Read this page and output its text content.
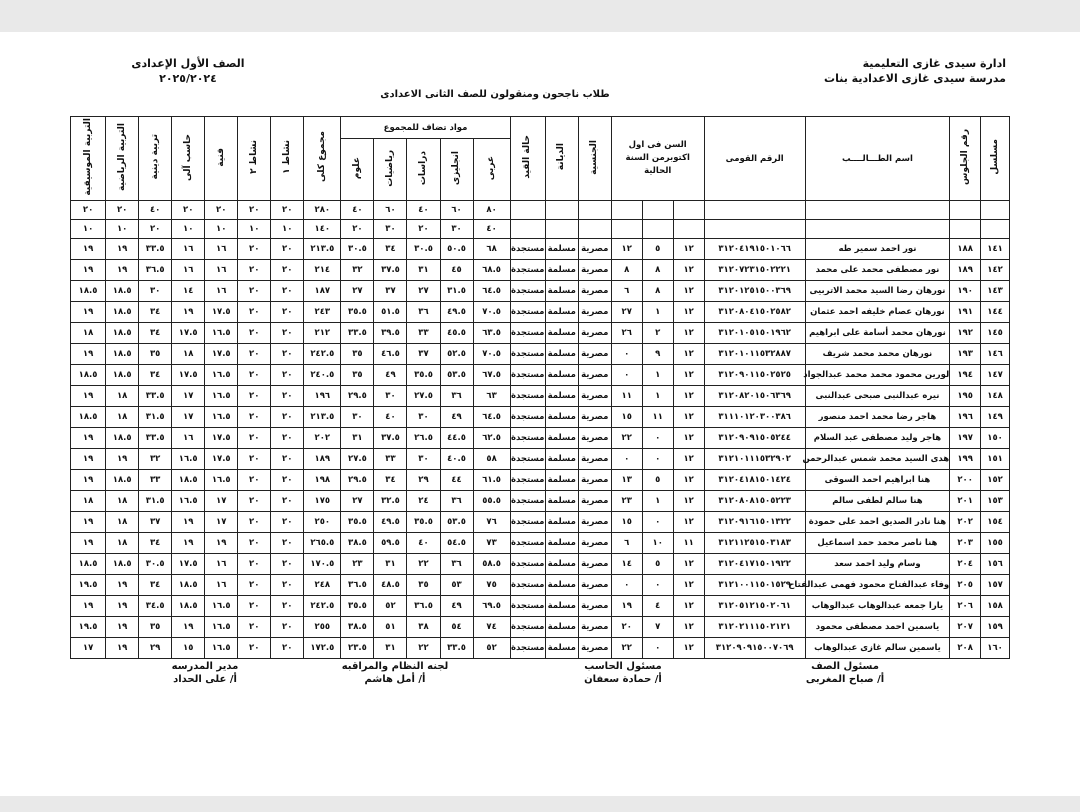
ادارة سيدى غازى التعليمية
مدرسة سيدى غازى الاعدادية بنات
الصف الأول الإعدادى
٢٠٢٥/٢٠٢٤
طلاب ناجحون ومنقولون للصف الثانى الاعدادى
مسلسل	رقم الجلوس	اسم الطـــالــــب	الرقم القومى	السن فى اول اكتوبرمن السنة الحالية			الجنسية	الديانة	حالة القيد	مواد تضاف للمجموع					مجموع كلى	نشاط ١	نشاط ٢	فنية	حاسب آلى	تربية دينية	التربية الرياضية	التربية الموسيقية
										عربى	انجليزى	دراسات	رياضيات	علوم								
										٨٠	٦٠	٤٠	٦٠	٤٠	٢٨٠	٢٠	٢٠	٢٠	٢٠	٤٠	٢٠	٢٠
										٤٠	٣٠	٢٠	٣٠	٢٠	١٤٠	١٠	١٠	١٠	١٠	٢٠	١٠	١٠
١٤١	١٨٨	نور احمد سمير طه	٣١٢٠٤١٩١٥٠١٠٦٦	١٢	٥	١٢	مصرية	مسلمة	مستجدة	٦٨	٥٠.٥	٣٠.٥	٣٤	٣٠.٥	٢١٣.٥	٢٠	٢٠	١٦	١٦	٣٣.٥	١٩	١٩
١٤٢	١٨٩	نور مصطفى محمد على محمد	٣١٢٠٧٢٣١٥٠٢٢٢١	١٢	٨	٨	مصرية	مسلمة	مستجدة	٦٨.٥	٤٥	٣١	٣٧.٥	٣٢	٢١٤	٢٠	٢٠	١٦	١٦	٣٦.٥	١٩	١٩
١٤٣	١٩٠	نورهان رضا السيد محمد الاتربيى	٣١٢٠١٢٥١٥٠٠٣٦٩	١٢	٨	٦	مصرية	مسلمة	مستجدة	٦٤.٥	٣١.٥	٢٧	٣٧	٢٧	١٨٧	٢٠	٢٠	١٦	١٤	٣٠	١٨.٥	١٨.٥
١٤٤	١٩١	نورهان عصام خليفه احمد عثمان	٣١٢٠٨٠٤١٥٠٢٥٨٢	١٢	١	٢٧	مصرية	مسلمة	مستجدة	٧٠.٥	٤٩.٥	٣٦	٥١.٥	٣٥.٥	٢٤٣	٢٠	٢٠	١٧.٥	١٩	٣٤	١٨.٥	١٩
١٤٥	١٩٢	نورهان محمد أسامة على ابراهيم	٣١٢٠١٠٥١٥٠١٩٦٢	١٢	٢	٢٦	مصرية	مسلمة	مستجدة	٦٣.٥	٤٥.٥	٣٣	٣٩.٥	٣٣.٥	٢١٢	٢٠	٢٠	١٦.٥	١٧.٥	٣٤	١٨.٥	١٨
١٤٦	١٩٣	نورهان محمد محمد شريف	٣١٢٠١٠١١٥٣٢٨٨٧	١٢	٩	٠	مصرية	مسلمة	مستجدة	٧٠.٥	٥٢.٥	٣٧	٤٦.٥	٣٥	٢٤٢.٥	٢٠	٢٠	١٧.٥	١٨	٣٥	١٨.٥	١٩
١٤٧	١٩٤	لورين محمود محمد محمد عبدالجواد	٣١٢٠٩٠١١٥٠٢٥٢٥	١٢	١	٠	مصرية	مسلمة	مستجدة	٦٧.٥	٥٣.٥	٣٥.٥	٤٩	٣٥	٢٤٠.٥	٢٠	٢٠	١٦.٥	١٧.٥	٣٤	١٨.٥	١٨.٥
١٤٨	١٩٥	نيره عبدالنبى صبحى عبدالنبى	٣١٢٠٨٢٠١٥٠٦٣٦٩	١٢	١	١١	مصرية	مسلمة	مستجدة	٦٣	٣٦	٢٧.٥	٣٠	٢٩.٥	١٩٦	٢٠	٢٠	١٦.٥	١٧	٣٣.٥	١٨	١٩
١٤٩	١٩٦	هاجر رضا محمد احمد منصور	٣١١١٠١٢٠٣٠٠٣٨٦	١٢	١١	١٥	مصرية	مسلمة	مستجدة	٦٤.٥	٤٩	٣٠	٤٠	٣٠	٢١٣.٥	٢٠	٢٠	١٦.٥	١٧	٣١.٥	١٨	١٨.٥
١٥٠	١٩٧	هاجر وليد مصطفى عبد السلام	٣١٢٠٩٠٩١٥٠٥٢٤٤	١٢	٠	٢٢	مصرية	مسلمة	مستجدة	٦٢.٥	٤٤.٥	٢٦.٥	٣٧.٥	٣١	٢٠٢	٢٠	٢٠	١٧.٥	١٦	٣٣.٥	١٨.٥	١٩
١٥١	١٩٩	هدى السيد محمد شمس عبدالرحمن	٣١٢١٠١١١٥٣٢٩٠٢	١٢	٠	٠	مصرية	مسلمة	مستجدة	٥٨	٤٠.٥	٣٠	٣٣	٢٧.٥	١٨٩	٢٠	٢٠	١٧.٥	١٦.٥	٣٢	١٩	١٩
١٥٢	٢٠٠	هنا ابراهيم احمد السوقى	٣١٢٠٤١٨١٥٠١٤٢٤	١٢	٥	١٣	مصرية	مسلمة	مستجدة	٦١.٥	٤٤	٢٩	٣٤	٢٩.٥	١٩٨	٢٠	٢٠	١٦.٥	١٨.٥	٣٣	١٨.٥	١٩
١٥٣	٢٠١	هنا سالم لطفى سالم	٣١٢٠٨٠٨١٥٠٥٢٢٣	١٢	١	٢٣	مصرية	مسلمة	مستجدة	٥٥.٥	٣٦	٢٤	٣٢.٥	٢٧	١٧٥	٢٠	٢٠	١٧	١٦.٥	٣١.٥	١٨	١٨
١٥٤	٢٠٢	هنا نادر الصديق احمد على حمودة	٣١٢٠٩١٦١٥٠١٣٢٢	١٢	٠	١٥	مصرية	مسلمة	مستجدة	٧٦	٥٣.٥	٣٥.٥	٤٩.٥	٣٥.٥	٢٥٠	٢٠	٢٠	١٧	١٩	٣٧	١٨	١٩
١٥٥	٢٠٣	هنا ناصر محمد حمد اسماعيل	٣١٢١١٢٥١٥٠٣١٨٣	١١	١٠	٦	مصرية	مسلمة	مستجدة	٧٣	٥٤.٥	٤٠	٥٩.٥	٣٨.٥	٢٦٥.٥	٢٠	٢٠	١٩	١٩	٣٤	١٨	١٩
١٥٦	٢٠٤	وسام وليد احمد سعد	٣١٢٠٤١٧١٥٠١٩٢٢	١٢	٥	١٤	مصرية	مسلمة	مستجدة	٥٨.٥	٣٦	٢٢	٣١	٢٣	١٧٠.٥	٢٠	٢٠	١٦	١٧.٥	٣٠.٥	١٨.٥	١٨.٥
١٥٧	٢٠٥	وفاء عبدالفتاح محمود فهمى عبدالفتاح	٣١٢١٠٠١١٥٠١٥٢٩	١٢	٠	٠	مصرية	مسلمة	مستجدة	٧٥	٥٣	٣٥	٤٨.٥	٣٦.٥	٢٤٨	٢٠	٢٠	١٦	١٨.٥	٣٤	١٩	١٩.٥
١٥٨	٢٠٦	يارا جمعه عبدالوهاب عبدالوهاب	٣١٢٠٥١٢١٥٠٢٠٦١	١٢	٤	١٩	مصرية	مسلمة	مستجدة	٦٩.٥	٤٩	٣٦.٥	٥٢	٣٥.٥	٢٤٢.٥	٢٠	٢٠	١٦.٥	١٨.٥	٣٤.٥	١٩	١٩
١٥٩	٢٠٧	ياسمين احمد مصطفى محمود	٣١٢٠٢١١١٥٠٢١٢١	١٢	٧	٢٠	مصرية	مسلمة	مستجدة	٧٤	٥٤	٣٨	٥١	٣٨.٥	٢٥٥	٢٠	٢٠	١٦.٥	١٩	٣٥	١٩	١٩.٥
١٦٠	٢٠٨	ياسمين سالم غازى عبدالوهاب	٣١٢٠٩٠٩١٥٠٠٧٠٦٩	١٢	٠	٢٢	مصرية	مسلمة	مستجدة	٥٢	٣٣.٥	٢٢	٣١	٢٣.٥	١٧٢.٥	٢٠	٢٠	١٦.٥	١٥	٢٩	١٩	١٧
مسئول الصف
أ/ صباح المغربى
مسئول الحاسب
أ/ حمادة سعفان
لجنه النظام والمراقبه
أ/ أمل هاشم
مدير المدرسه
أ/ على الحداد
